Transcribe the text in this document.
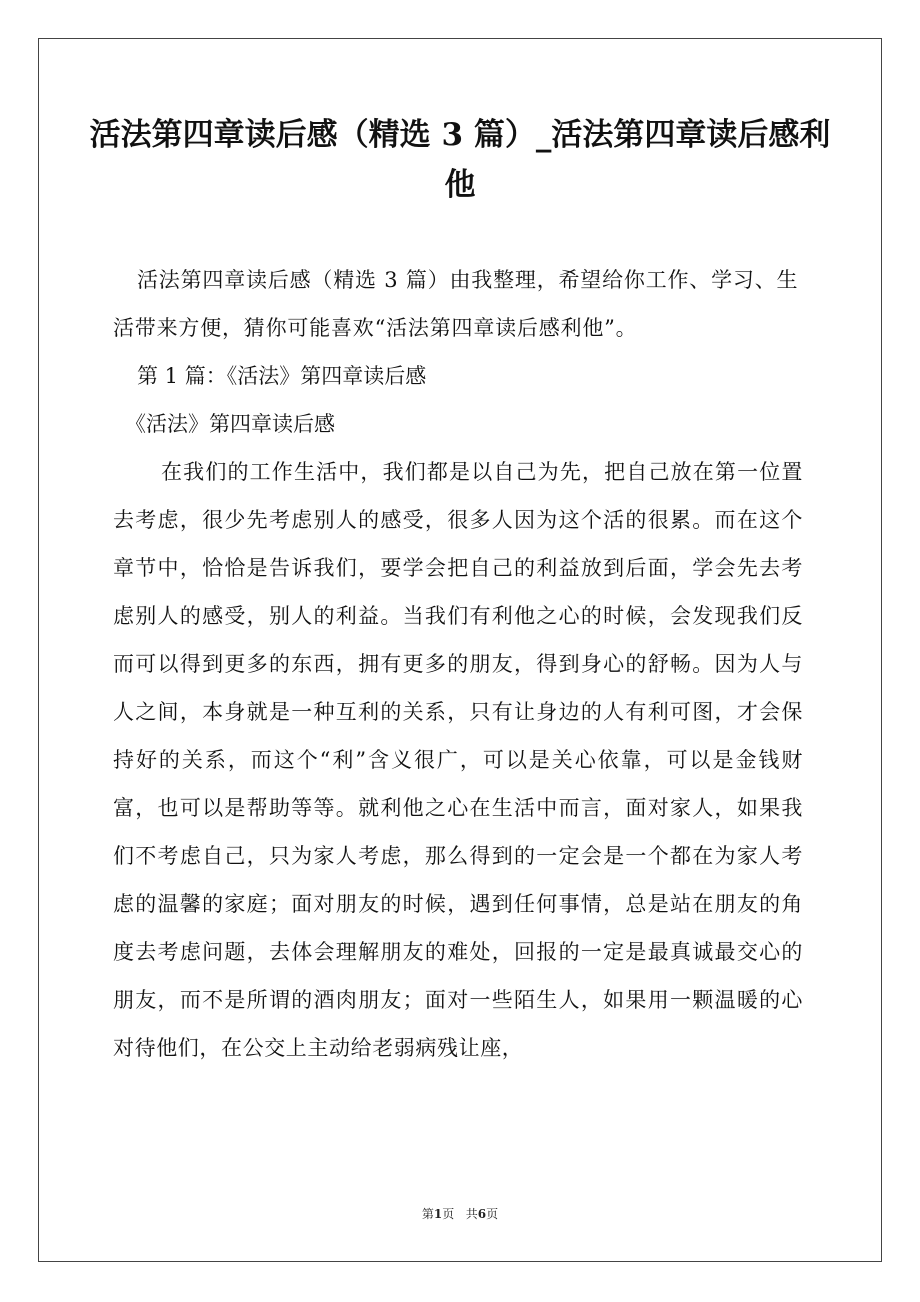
活法第四章读后感（精选 3 篇）_活法第四章读后感利他

活法第四章读后感（精选 3 篇）由我整理，希望给你工作、学习、生活带来方便，猜你可能喜欢“活法第四章读后感利他”。

第 1 篇：《活法》第四章读后感

《活法》第四章读后感

在我们的工作生活中，我们都是以自己为先，把自己放在第一位置去考虑，很少先考虑别人的感受，很多人因为这个活的很累。而在这个章节中，恰恰是告诉我们，要学会把自己的利益放到后面，学会先去考虑别人的感受，别人的利益。当我们有利他之心的时候，会发现我们反而可以得到更多的东西，拥有更多的朋友，得到身心的舒畅。因为人与人之间，本身就是一种互利的关系，只有让身边的人有利可图，才会保持好的关系，而这个“利”含义很广，可以是关心依靠，可以是金钱财富，也可以是帮助等等。就利他之心在生活中而言，面对家人，如果我们不考虑自己，只为家人考虑，那么得到的一定会是一个都在为家人考虑的温馨的家庭；面对朋友的时候，遇到任何事情，总是站在朋友的角度去考虑问题，去体会理解朋友的难处，回报的一定是最真诚最交心的朋友，而不是所谓的酒肉朋友；面对一些陌生人，如果用一颗温暖的心对待他们，在公交上主动给老弱病残让座，

第1页 共6页
